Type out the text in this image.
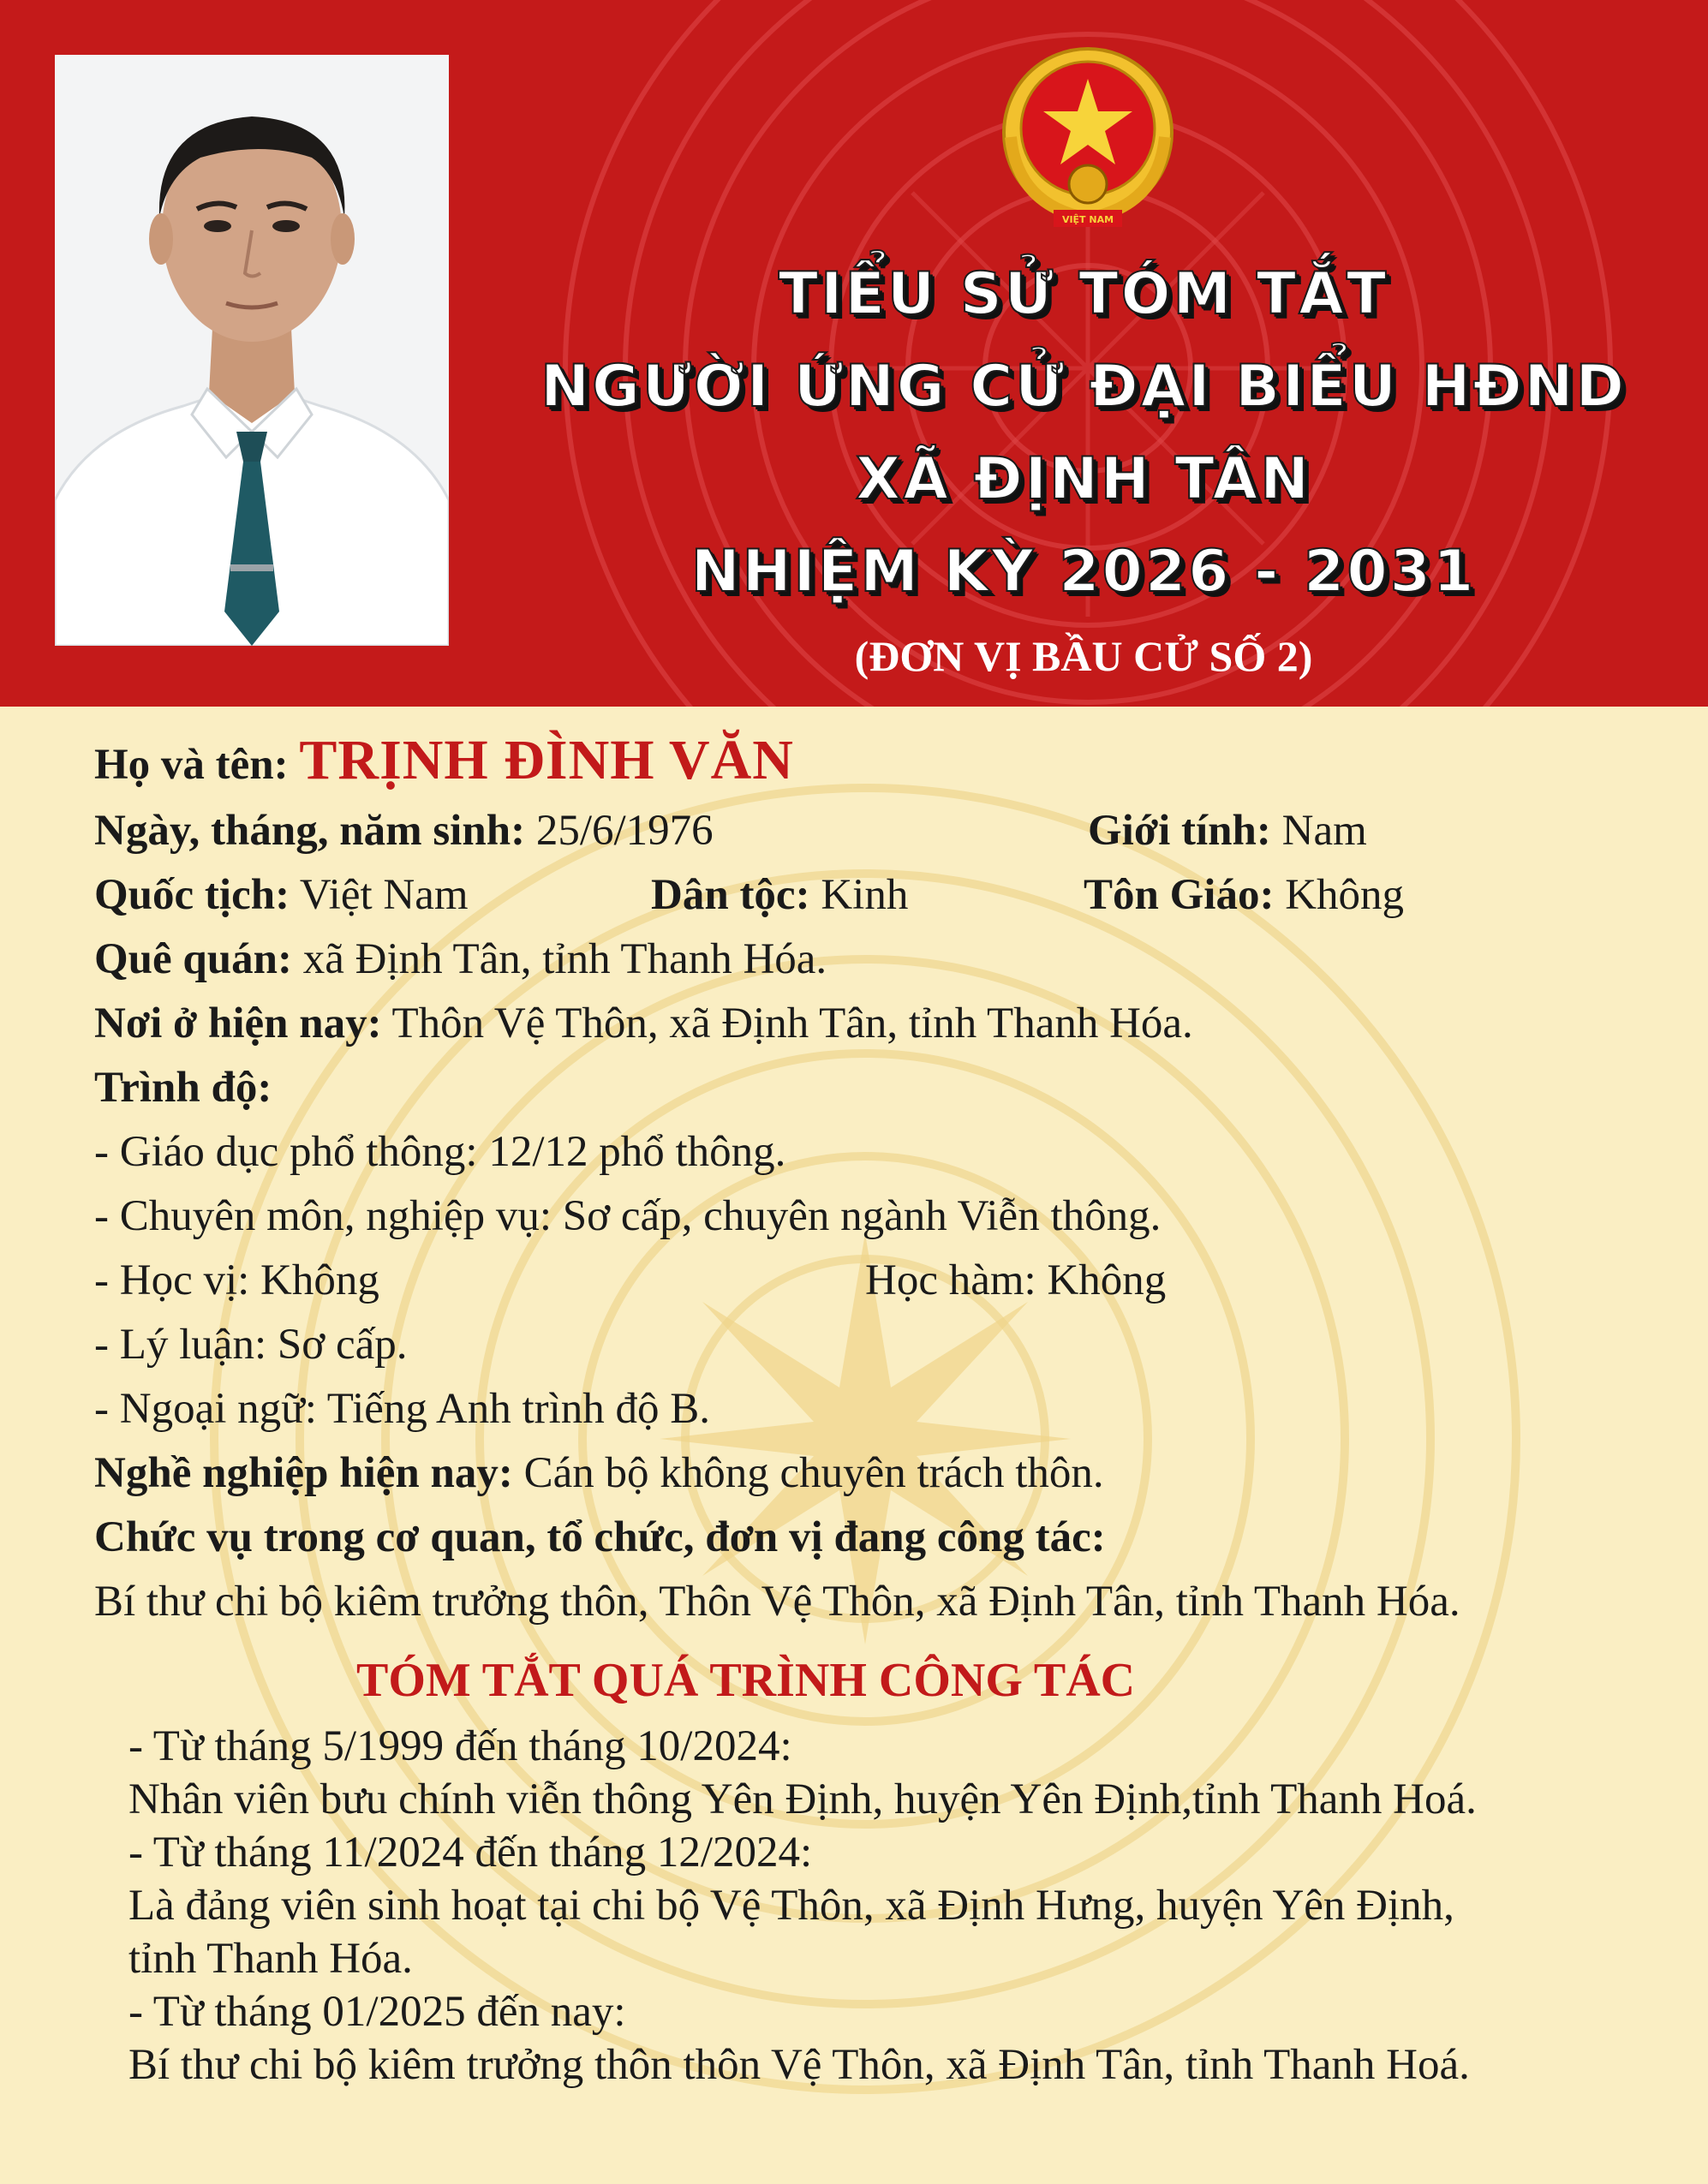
VIỆT NAM
TIỂU SỬ TÓM TẮT
NGƯỜI ỨNG CỬ ĐẠI BIỂU HĐND
XÃ ĐỊNH TÂN
NHIỆM KỲ 2026 - 2031
(ĐƠN VỊ BẦU CỬ SỐ 2)
Họ và tên: TRỊNH ĐÌNH VĂN
Ngày, tháng, năm sinh: 25/6/1976	Giới tính: Nam
Quốc tịch: Việt Nam	Dân tộc: Kinh	Tôn Giáo: Không
Quê quán: xã Định Tân, tỉnh Thanh Hóa.
Nơi ở hiện nay: Thôn Vệ Thôn, xã Định Tân, tỉnh Thanh Hóa.
Trình độ:
- Giáo dục phổ thông: 12/12 phổ thông.
- Chuyên môn, nghiệp vụ: Sơ cấp, chuyên ngành Viễn thông.
- Học vị: Không	Học hàm: Không
- Lý luận: Sơ cấp.
- Ngoại ngữ: Tiếng Anh trình độ B.
Nghề nghiệp hiện nay: Cán bộ không chuyên trách thôn.
Chức vụ trong cơ quan, tổ chức, đơn vị đang công tác:
Bí thư chi bộ kiêm trưởng thôn, Thôn Vệ Thôn, xã Định Tân, tỉnh Thanh Hóa.
TÓM TẮT QUÁ TRÌNH CÔNG TÁC
- Từ tháng 5/1999 đến tháng 10/2024:
Nhân viên bưu chính viễn thông Yên Định, huyện Yên Định,tỉnh Thanh Hoá.
- Từ tháng 11/2024 đến tháng 12/2024:
Là đảng viên sinh hoạt tại chi bộ Vệ Thôn, xã Định Hưng, huyện Yên Định,
tỉnh Thanh Hóa.
- Từ tháng 01/2025 đến nay:
Bí thư chi bộ kiêm trưởng thôn thôn Vệ Thôn, xã Định Tân, tỉnh Thanh Hoá.
